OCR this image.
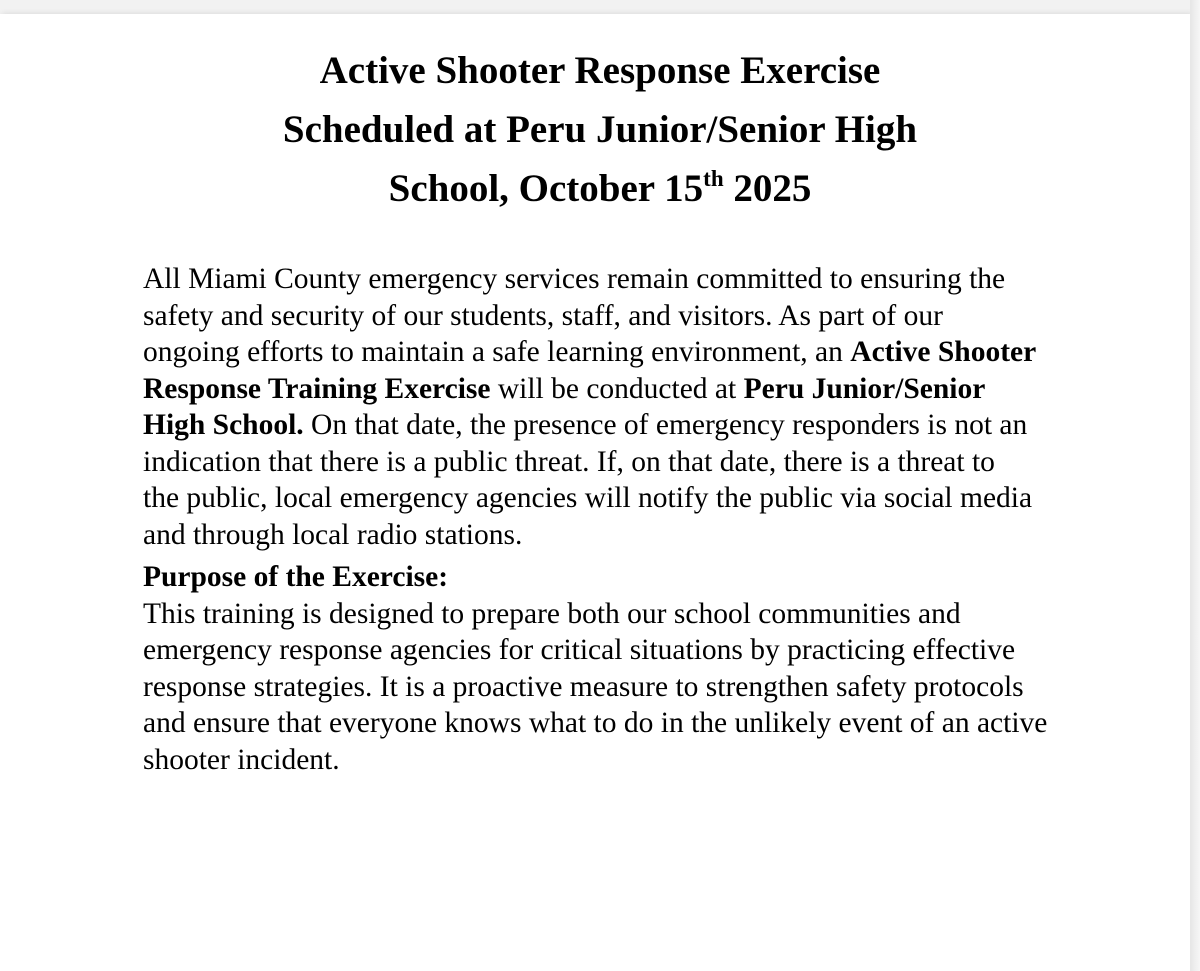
Active Shooter Response Exercise
Scheduled at Peru Junior/Senior High
School, October 15th 2025

All Miami County emergency services remain committed to ensuring the safety and security of our students, staff, and visitors. As part of our ongoing efforts to maintain a safe learning environment, an Active Shooter Response Training Exercise will be conducted at Peru Junior/Senior High School. On that date, the presence of emergency responders is not an indication that there is a public threat. If, on that date, there is a threat to the public, local emergency agencies will notify the public via social media and through local radio stations.

Purpose of the Exercise:

This training is designed to prepare both our school communities and emergency response agencies for critical situations by practicing effective response strategies. It is a proactive measure to strengthen safety protocols and ensure that everyone knows what to do in the unlikely event of an active shooter incident.
